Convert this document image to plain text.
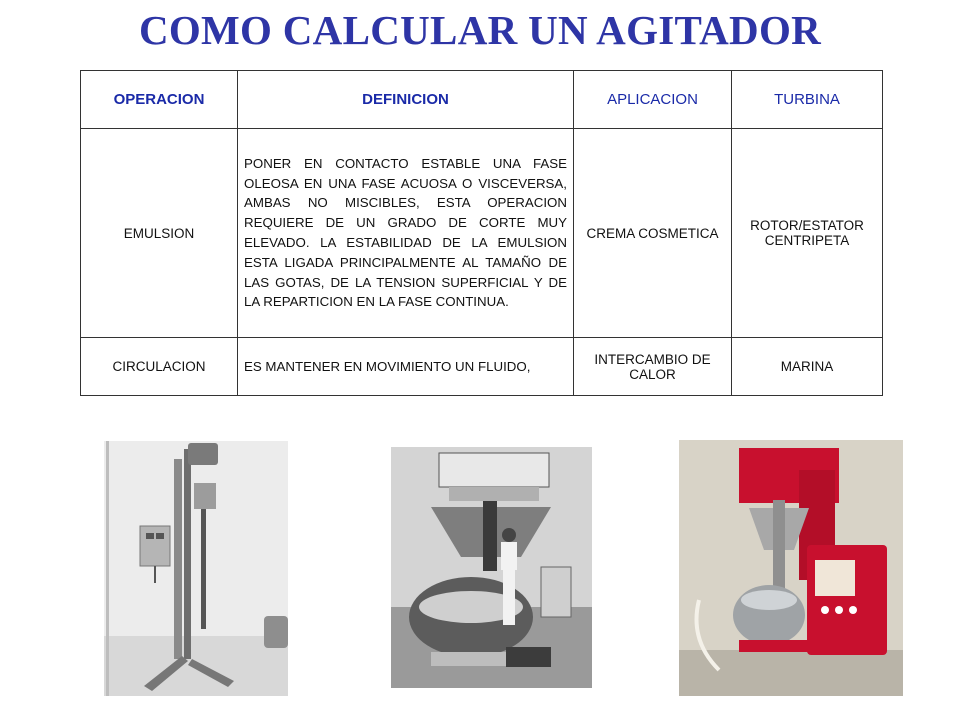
COMO CALCULAR UN AGITADOR
OPERACION	DEFINICION	APLICACION	TURBINA
EMULSION	PONER EN CONTACTO ESTABLE UNA FASE OLEOSA EN UNA FASE ACUOSA O VISCEVERSA, AMBAS NO MISCIBLES, ESTA OPERACION REQUIERE DE UN GRADO DE CORTE MUY ELEVADO. LA ESTABILIDAD DE LA EMULSION ESTA LIGADA PRINCIPALMENTE AL TAMAÑO DE LAS GOTAS, DE LA TENSION SUPERFICIAL Y DE LA REPARTICION EN LA FASE CONTINUA.	CREMA COSMETICA	ROTOR/ESTATOR CENTRIPETA
CIRCULACION	ES MANTENER EN MOVIMIENTO UN FLUIDO,	INTERCAMBIO DE CALOR	MARINA
